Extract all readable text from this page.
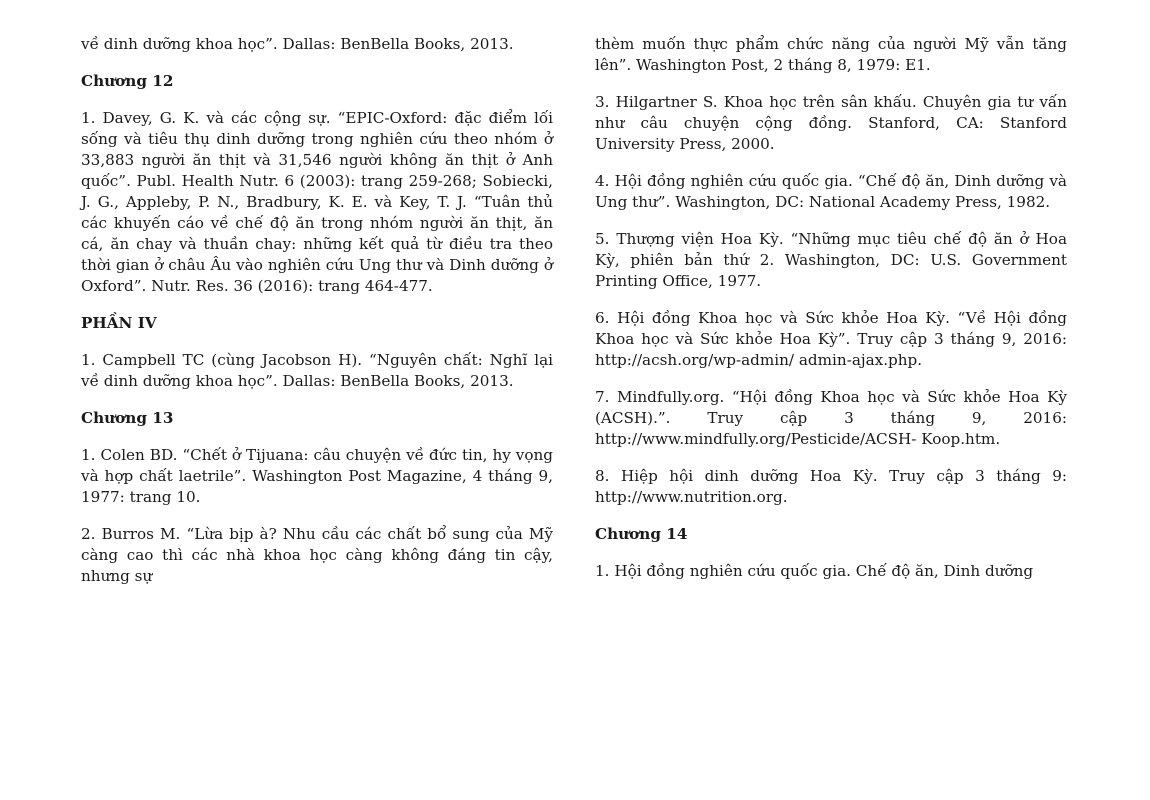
về dinh dưỡng khoa học”. Dallas: BenBella Books, 2013.

Chương 12

1. Davey, G. K. và các cộng sự. “EPIC-Oxford: đặc điểm lối sống và tiêu thụ dinh dưỡng trong nghiên cứu theo nhóm ở 33,883 người ăn thịt và 31,546 người không ăn thịt ở Anh quốc”. Publ. Health Nutr. 6 (2003): trang 259-268; Sobiecki, J. G., Appleby, P. N., Bradbury, K. E. và Key, T. J. “Tuân thủ các khuyến cáo về chế độ ăn trong nhóm người ăn thịt, ăn cá, ăn chay và thuần chay: những kết quả từ điều tra theo thời gian ở châu Âu vào nghiên cứu Ung thư và Dinh dưỡng ở Oxford”. Nutr. Res. 36 (2016): trang 464-477.

PHẦN IV

1. Campbell TC (cùng Jacobson H). “Nguyên chất: Nghĩ lại về dinh dưỡng khoa học”. Dallas: BenBella Books, 2013.

Chương 13

1. Colen BD. “Chết ở Tijuana: câu chuyện về đức tin, hy vọng và hợp chất laetrile”. Washington Post Magazine, 4 tháng 9, 1977: trang 10.

2. Burros M. “Lừa bịp à? Nhu cầu các chất bổ sung của Mỹ càng cao thì các nhà khoa học càng không đáng tin cậy, nhưng sự

thèm muốn thực phẩm chức năng của người Mỹ vẫn tăng lên”. Washington Post, 2 tháng 8, 1979: E1.

3. Hilgartner S. Khoa học trên sân khấu. Chuyên gia tư vấn như câu chuyện cộng đồng. Stanford, CA: Stanford University Press, 2000.

4. Hội đồng nghiên cứu quốc gia. “Chế độ ăn, Dinh dưỡng và Ung thư”. Washington, DC: National Academy Press, 1982.

5. Thượng viện Hoa Kỳ. “Những mục tiêu chế độ ăn ở Hoa Kỳ, phiên bản thứ 2. Washington, DC: U.S. Government Printing Office, 1977.

6. Hội đồng Khoa học và Sức khỏe Hoa Kỳ. “Về Hội đồng Khoa học và Sức khỏe Hoa Kỳ”. Truy cập 3 tháng 9, 2016: http://acsh.org/wp-admin/ admin-ajax.php.

7. Mindfully.org. “Hội đồng Khoa học và Sức khỏe Hoa Kỳ (ACSH).”. Truy cập 3 tháng 9, 2016: http://www.mindfully.org/Pesticide/ACSH- Koop.htm.

8. Hiệp hội dinh dưỡng Hoa Kỳ. Truy cập 3 tháng 9: http://www.nutrition.org.

Chương 14

1. Hội đồng nghiên cứu quốc gia. Chế độ ăn, Dinh dưỡng
